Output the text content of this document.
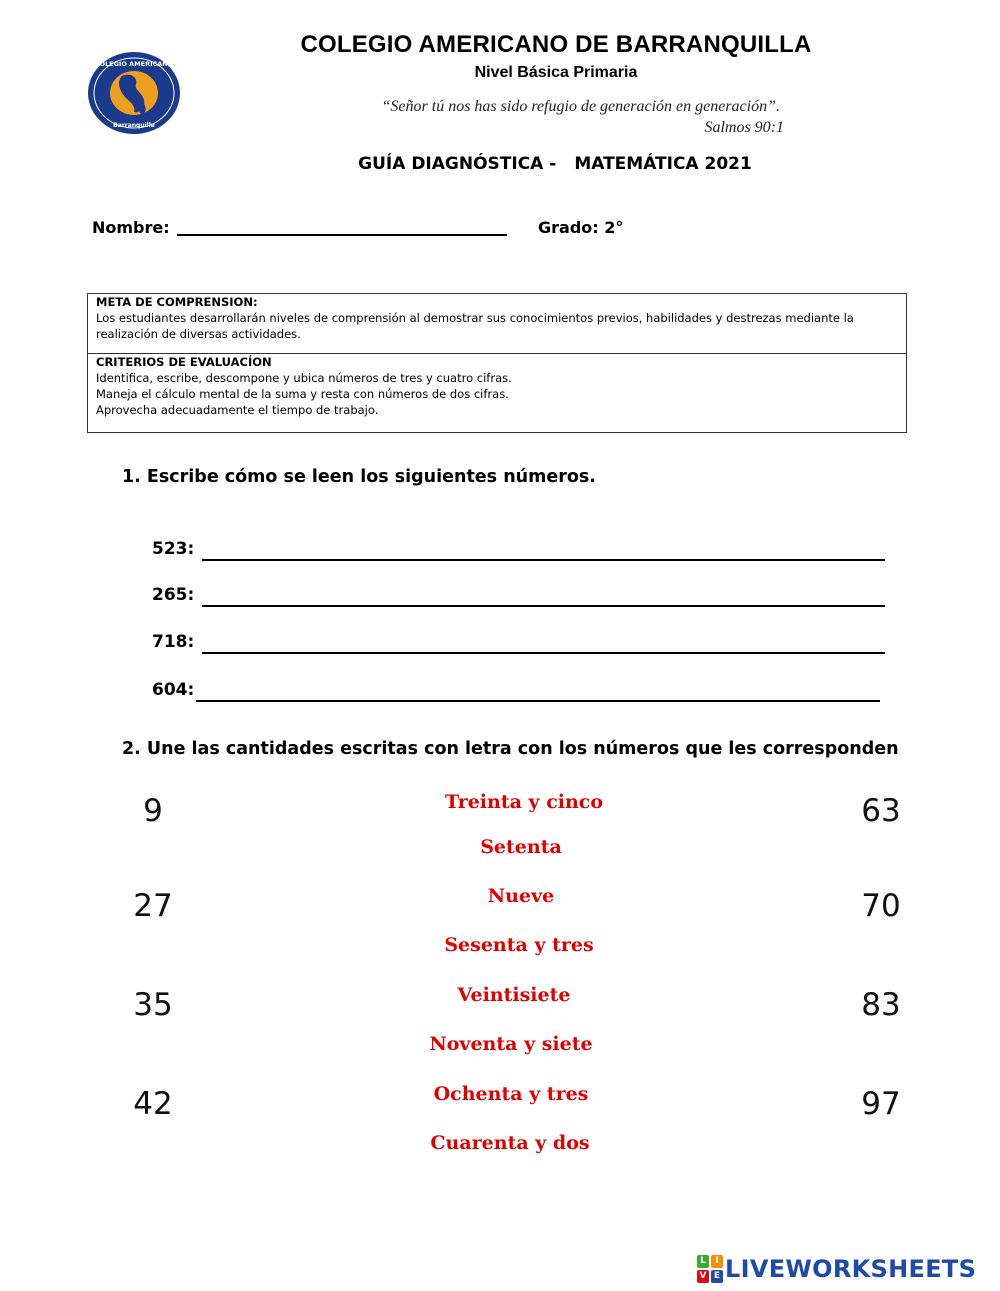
COLEGIO AMERICANO
Barranquilla
COLEGIO AMERICANO DE BARRANQUILLA
Nivel Básica Primaria
“Señor tú nos has sido refugio de generación en generación”.
Salmos 90:1
GUÍA DIAGNÓSTICA - MATEMÁTICA 2021
Nombre:	Grado: 2°
META DE COMPRENSION:
Los estudiantes desarrollarán niveles de comprensión al demostrar sus conocimientos previos, habilidades y destrezas mediante la realización de diversas actividades.
CRITERIOS DE EVALUACÍON
Identifica, escribe, descompone y ubica números de tres y cuatro cifras.
Maneja el cálculo mental de la suma y resta con números de dos cifras.
Aprovecha adecuadamente el tiempo de trabajo.
1. Escribe cómo se leen los siguientes números.
523:
265:
718:
604:
2. Une las cantidades escritas con letra con los números que les corresponden
9
27
35
42
63
70
83
97
Treinta y cinco
Setenta
Nueve
Sesenta y tres
Veintisiete
Noventa y siete
Ochenta y tres
Cuarenta y dos
L	I
V E LIVEWORKSHEETS
